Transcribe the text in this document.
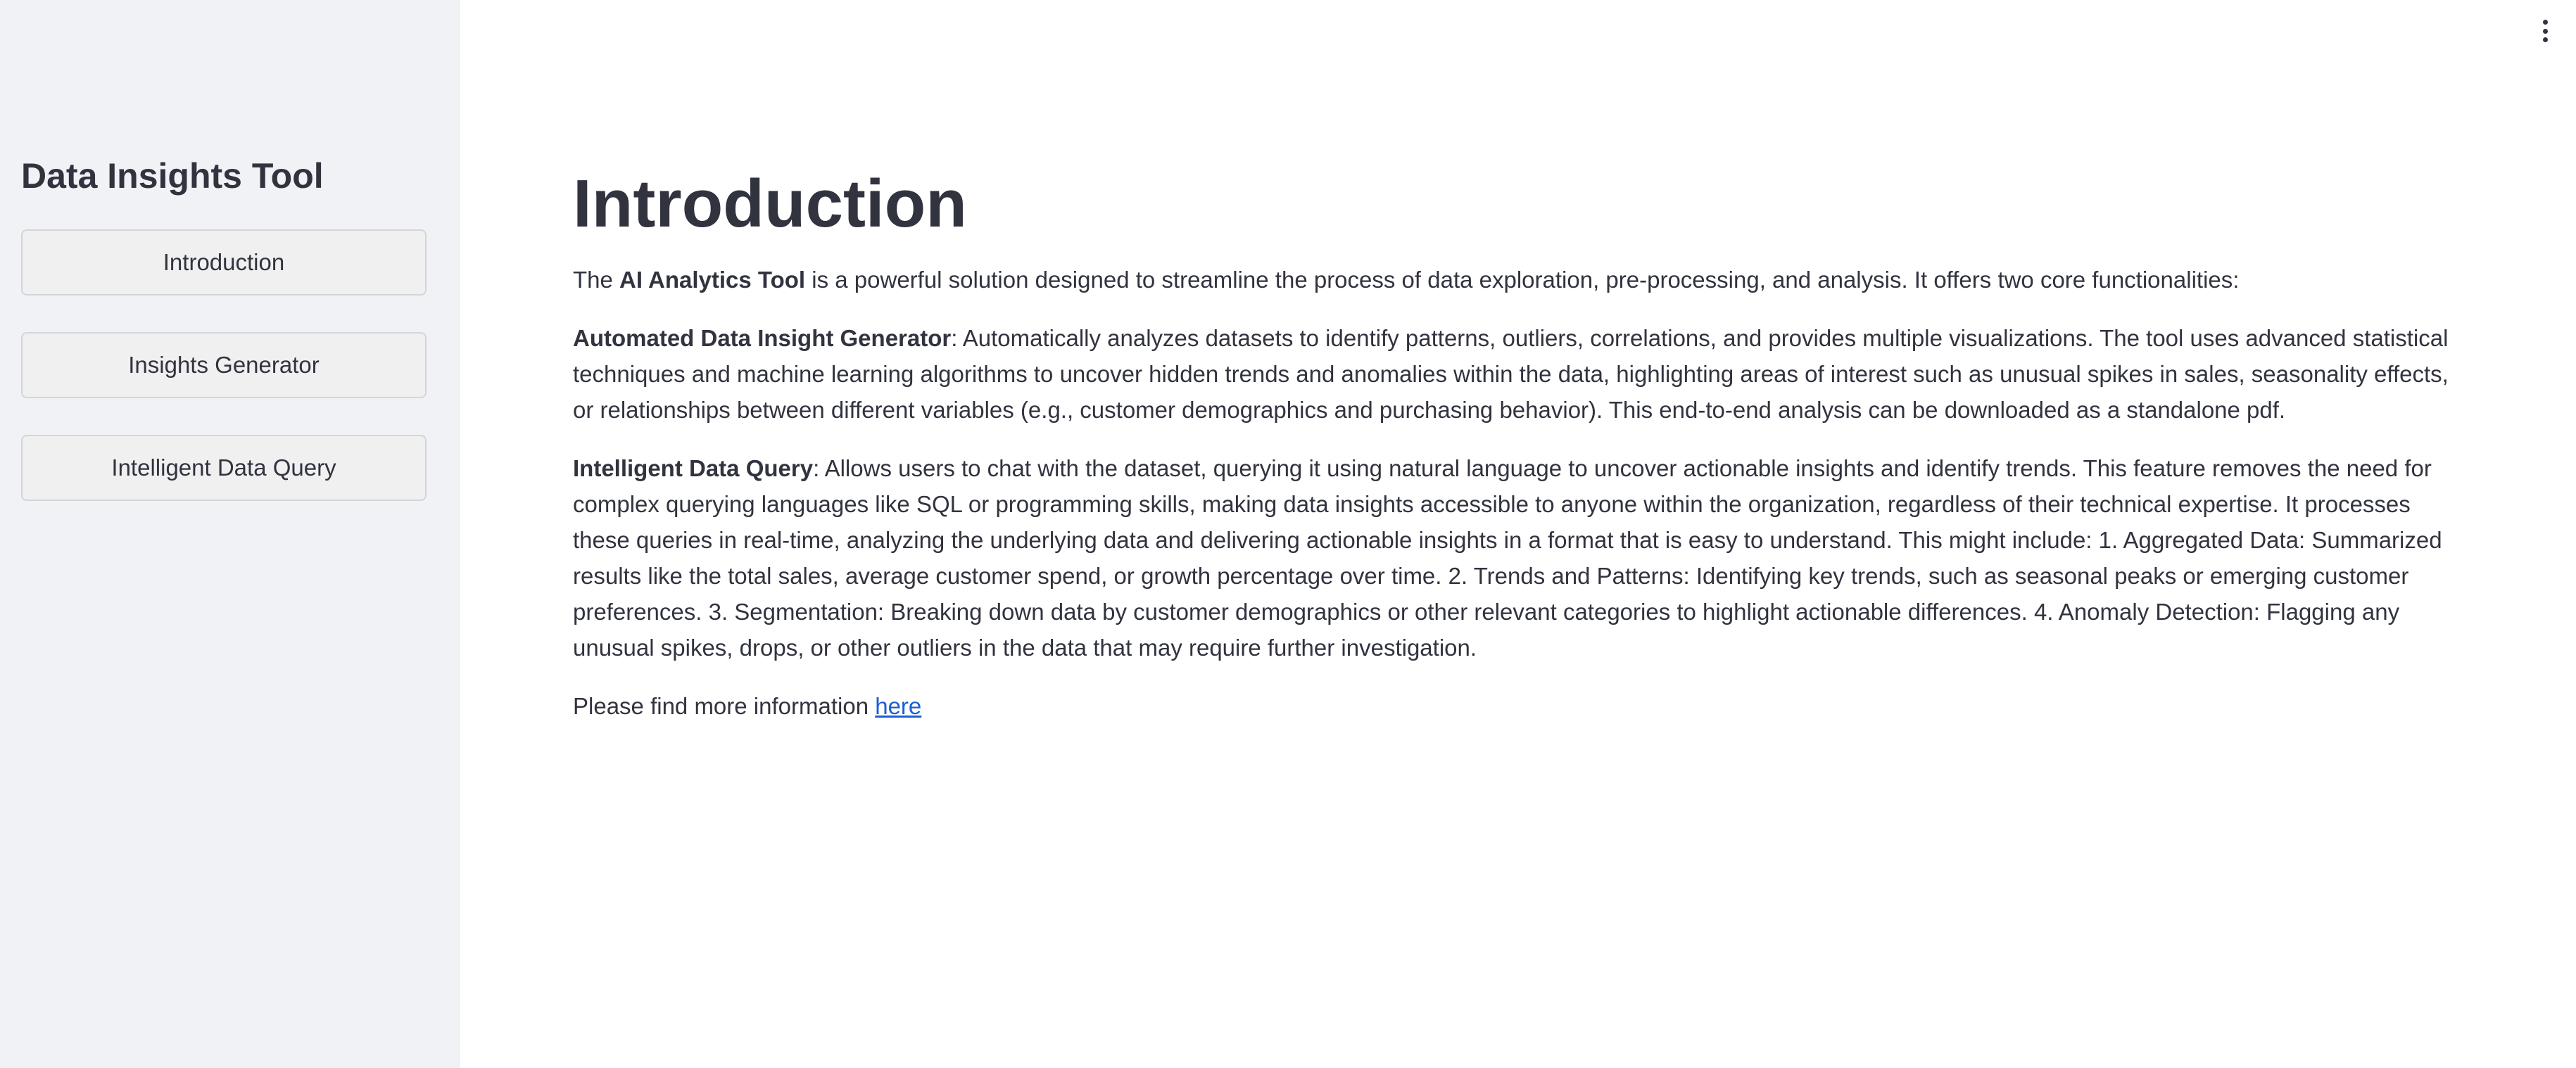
Data Insights Tool
Introduction
Insights Generator
Intelligent Data Query
Introduction

The AI Analytics Tool is a powerful solution designed to streamline the process of data exploration, pre-processing, and analysis. It offers two core functionalities:

Automated Data Insight Generator: Automatically analyzes datasets to identify patterns, outliers, correlations, and provides multiple visualizations. The tool uses advanced statistical techniques and machine learning algorithms to uncover hidden trends and anomalies within the data, highlighting areas of interest such as unusual spikes in sales, seasonality effects, or relationships between different variables (e.g., customer demographics and purchasing behavior). This end-to-end analysis can be downloaded as a standalone pdf.

Intelligent Data Query: Allows users to chat with the dataset, querying it using natural language to uncover actionable insights and identify trends. This feature removes the need for complex querying languages like SQL or programming skills, making data insights accessible to anyone within the organization, regardless of their technical expertise. It processes these queries in real-time, analyzing the underlying data and delivering actionable insights in a format that is easy to understand. This might include: 1. Aggregated Data: Summarized results like the total sales, average customer spend, or growth percentage over time. 2. Trends and Patterns: Identifying key trends, such as seasonal peaks or emerging customer preferences. 3. Segmentation: Breaking down data by customer demographics or other relevant categories to highlight actionable differences. 4. Anomaly Detection: Flagging any unusual spikes, drops, or other outliers in the data that may require further investigation.

Please find more information here
